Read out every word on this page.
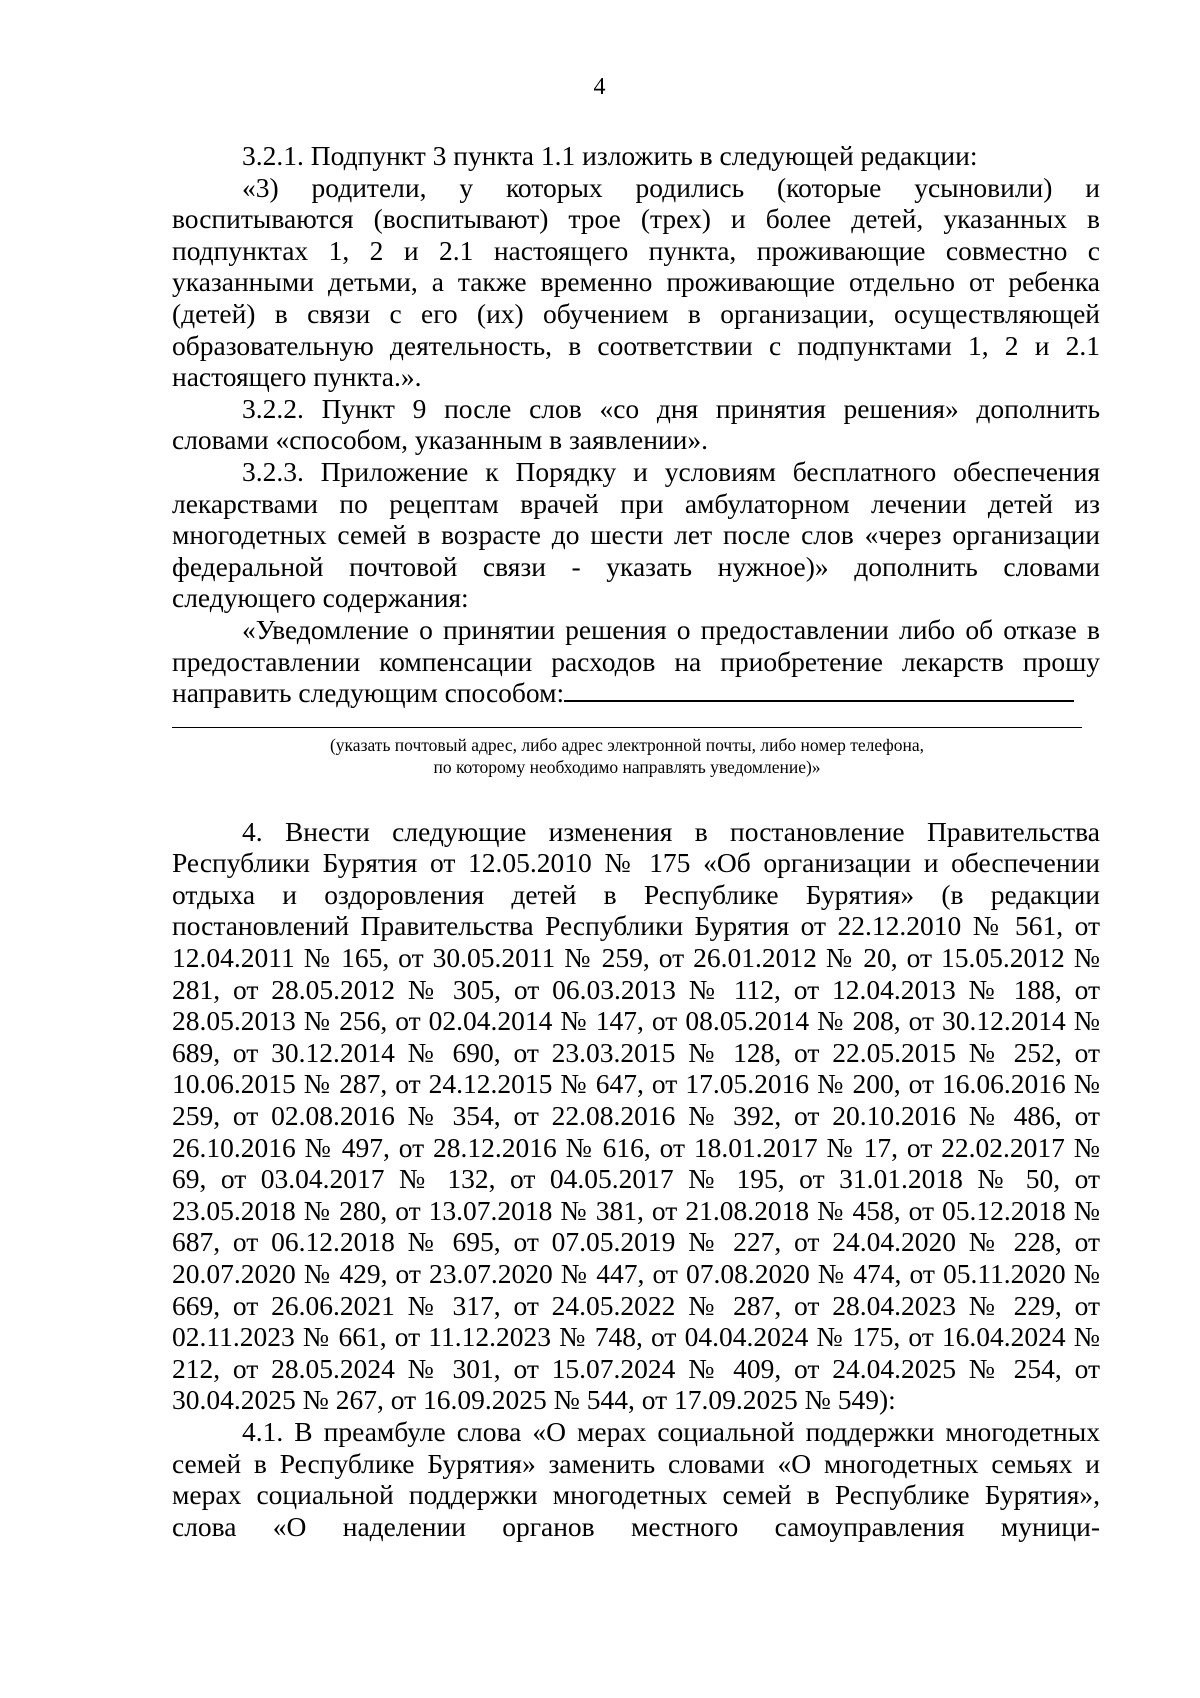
4

3.2.1. Подпункт 3 пункта 1.1 изложить в следующей редакции:

«3) родители, у которых родились (которые усыновили) и воспитываются (воспитывают) трое (трех) и более детей, указанных в подпунктах 1, 2 и 2.1 настоящего пункта, проживающие совместно с указанными детьми, а также временно проживающие отдельно от ребенка (детей) в связи с его (их) обучением в организации, осуществляющей образовательную деятельность, в соответствии с подпунктами 1, 2 и 2.1 настоящего пункта.».

3.2.2. Пункт 9 после слов «со дня принятия решения» дополнить словами «способом, указанным в заявлении».

3.2.3. Приложение к Порядку и условиям бесплатного обеспечения лекарствами по рецептам врачей при амбулаторном лечении детей из многодетных семей в возрасте до шести лет после слов «через организации федеральной почтовой связи - указать нужное)» дополнить словами следующего содержания:

«Уведомление о принятии решения о предоставлении либо об отказе в предоставлении компенсации расходов на приобретение лекарств прошу направить следующим способом:

(указать почтовый адрес, либо адрес электронной почты, либо номер телефона,
по которому необходимо направлять уведомление)»

4. Внести следующие изменения в постановление Правительства Республики Бурятия от 12.05.2010 № 175 «Об организации и обеспечении отдыха и оздоровления детей в Республике Бурятия» (в редакции постановлений Правительства Республики Бурятия от 22.12.2010 № 561, от 12.04.2011 № 165, от 30.05.2011 № 259, от 26.01.2012 № 20, от 15.05.2012 № 281, от 28.05.2012 № 305, от 06.03.2013 № 112, от 12.04.2013 № 188, от 28.05.2013 № 256, от 02.04.2014 № 147, от 08.05.2014 № 208, от 30.12.2014 № 689, от 30.12.2014 № 690, от 23.03.2015 № 128, от 22.05.2015 № 252, от 10.06.2015 № 287, от 24.12.2015 № 647, от 17.05.2016 № 200, от 16.06.2016 № 259, от 02.08.2016 № 354, от 22.08.2016 № 392, от 20.10.2016 № 486, от 26.10.2016 № 497, от 28.12.2016 № 616, от 18.01.2017 № 17, от 22.02.2017 № 69, от 03.04.2017 № 132, от 04.05.2017 № 195, от 31.01.2018 № 50, от 23.05.2018 № 280, от 13.07.2018 № 381, от 21.08.2018 № 458, от 05.12.2018 № 687, от 06.12.2018 № 695, от 07.05.2019 № 227, от 24.04.2020 № 228, от 20.07.2020 № 429, от 23.07.2020 № 447, от 07.08.2020 № 474, от 05.11.2020 № 669, от 26.06.2021 № 317, от 24.05.2022 № 287, от 28.04.2023 № 229, от 02.11.2023 № 661, от 11.12.2023 № 748, от 04.04.2024 № 175, от 16.04.2024 № 212, от 28.05.2024 № 301, от 15.07.2024 № 409, от 24.04.2025 № 254, от 30.04.2025 № 267, от 16.09.2025 № 544, от 17.09.2025 № 549):

4.1. В преамбуле слова «О мерах социальной поддержки многодетных семей в Республике Бурятия» заменить словами «О многодетных семьях и мерах социальной поддержки многодетных семей в Республике Бурятия», слова «О наделении органов местного самоуправления муници-
